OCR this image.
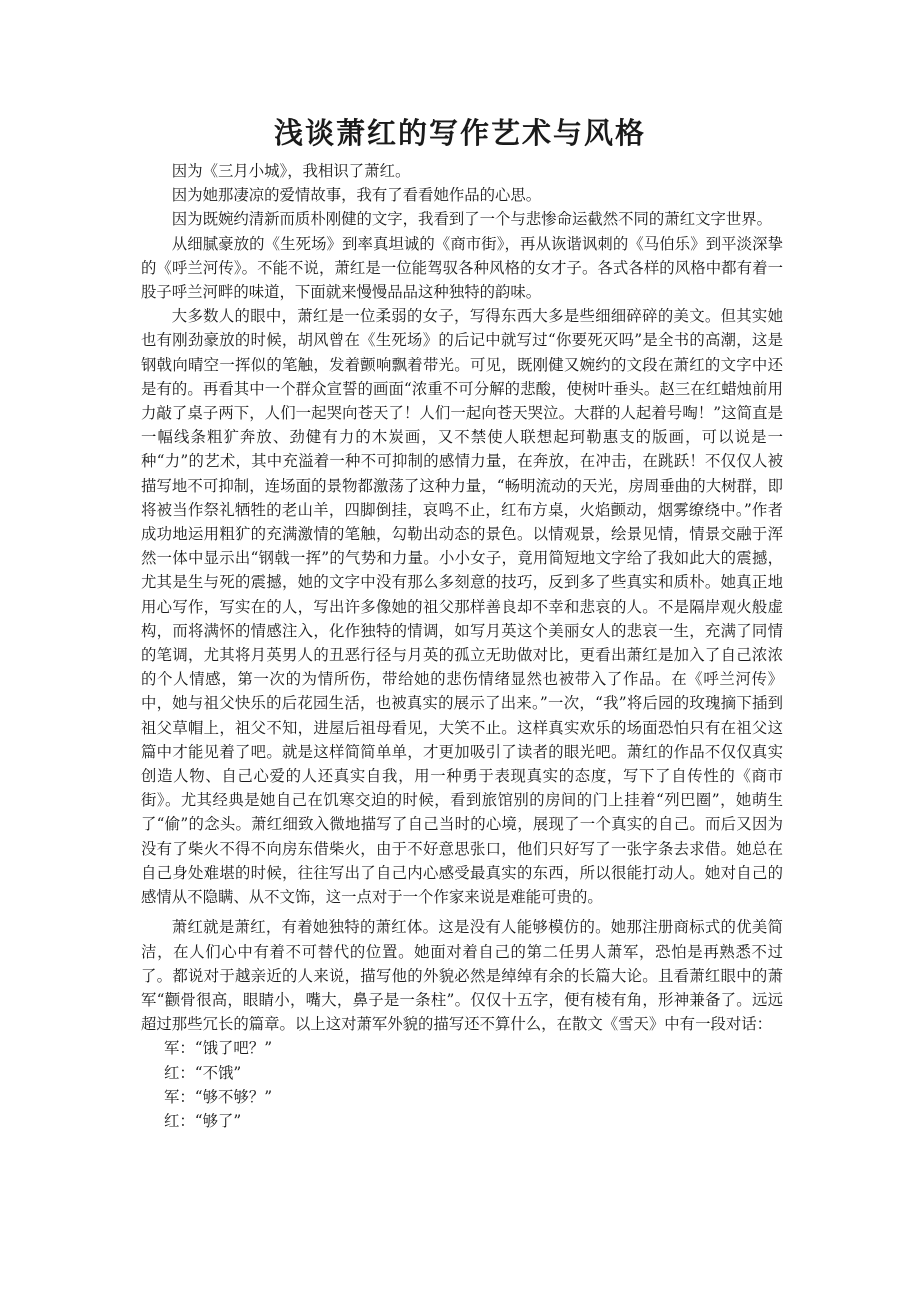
浅谈萧红的写作艺术与风格

因为《三月小城》，我相识了萧红。

因为她那凄凉的爱情故事，我有了看看她作品的心思。

因为既婉约清新而质朴刚健的文字，我看到了一个与悲惨命运截然不同的萧红文字世界。

从细腻豪放的《生死场》到率真坦诚的《商市街》，再从诙谐讽刺的《马伯乐》到平淡深挚的《呼兰河传》。不能不说，萧红是一位能驾驭各种风格的女才子。各式各样的风格中都有着一股子呼兰河畔的味道，下面就来慢慢品品这种独特的韵味。

大多数人的眼中，萧红是一位柔弱的女子，写得东西大多是些细细碎碎的美文。但其实她也有刚劲豪放的时候，胡风曾在《生死场》的后记中就写过“你要死灭吗”是全书的高潮，这是钢戟向晴空一挥似的笔触，发着颤响飘着带光。可见，既刚健又婉约的文段在萧红的文字中还是有的。再看其中一个群众宣誓的画面“浓重不可分解的悲酸，使树叶垂头。赵三在红蜡烛前用力敲了桌子两下，人们一起哭向苍天了！人们一起向苍天哭泣。大群的人起着号啕！”这简直是一幅线条粗犷奔放、劲健有力的木炭画，又不禁使人联想起珂勒惠支的版画，可以说是一种“力”的艺术，其中充溢着一种不可抑制的感情力量，在奔放，在冲击，在跳跃！不仅仅人被描写地不可抑制，连场面的景物都激荡了这种力量，“畅明流动的天光，房周垂曲的大树群，即将被当作祭礼牺牲的老山羊，四脚倒挂，哀鸣不止，红布方桌，火焰颤动，烟雾缭绕中。”作者成功地运用粗犷的充满激情的笔触，勾勒出动态的景色。以情观景，绘景见情，情景交融于浑然一体中显示出“钢戟一挥”的气势和力量。小小女子，竟用简短地文字给了我如此大的震撼，尤其是生与死的震撼，她的文字中没有那么多刻意的技巧，反到多了些真实和质朴。她真正地用心写作，写实在的人，写出许多像她的祖父那样善良却不幸和悲哀的人。不是隔岸观火般虚构，而将满怀的情感注入，化作独特的情调，如写月英这个美丽女人的悲哀一生，充满了同情的笔调，尤其将月英男人的丑恶行径与月英的孤立无助做对比，更看出萧红是加入了自己浓浓的个人情感，第一次的为情所伤，带给她的悲伤情绪显然也被带入了作品。在《呼兰河传》中，她与祖父快乐的后花园生活，也被真实的展示了出来。”一次，“我”将后园的玫瑰摘下插到祖父草帽上，祖父不知，进屋后祖母看见，大笑不止。这样真实欢乐的场面恐怕只有在祖父这篇中才能见着了吧。就是这样简简单单，才更加吸引了读者的眼光吧。萧红的作品不仅仅真实创造人物、自己心爱的人还真实自我，用一种勇于表现真实的态度，写下了自传性的《商市街》。尤其经典是她自己在饥寒交迫的时候，看到旅馆别的房间的门上挂着“列巴圈”，她萌生了“偷”的念头。萧红细致入微地描写了自己当时的心境，展现了一个真实的自己。而后又因为没有了柴火不得不向房东借柴火，由于不好意思张口，他们只好写了一张字条去求借。她总在自己身处难堪的时候，往往写出了自己内心感受最真实的东西，所以很能打动人。她对自己的感情从不隐瞒、从不文饰，这一点对于一个作家来说是难能可贵的。

萧红就是萧红，有着她独特的萧红体。这是没有人能够模仿的。她那注册商标式的优美简洁，在人们心中有着不可替代的位置。她面对着自己的第二任男人萧军，恐怕是再熟悉不过了。都说对于越亲近的人来说，描写他的外貌必然是绰绰有余的长篇大论。且看萧红眼中的萧军“颧骨很高，眼睛小，嘴大，鼻子是一条柱”。仅仅十五字，便有棱有角，形神兼备了。远远超过那些冗长的篇章。以上这对萧军外貌的描写还不算什么，在散文《雪天》中有一段对话：

军：“饿了吧？”

红：“不饿”

军：“够不够？”

红：“够了”
